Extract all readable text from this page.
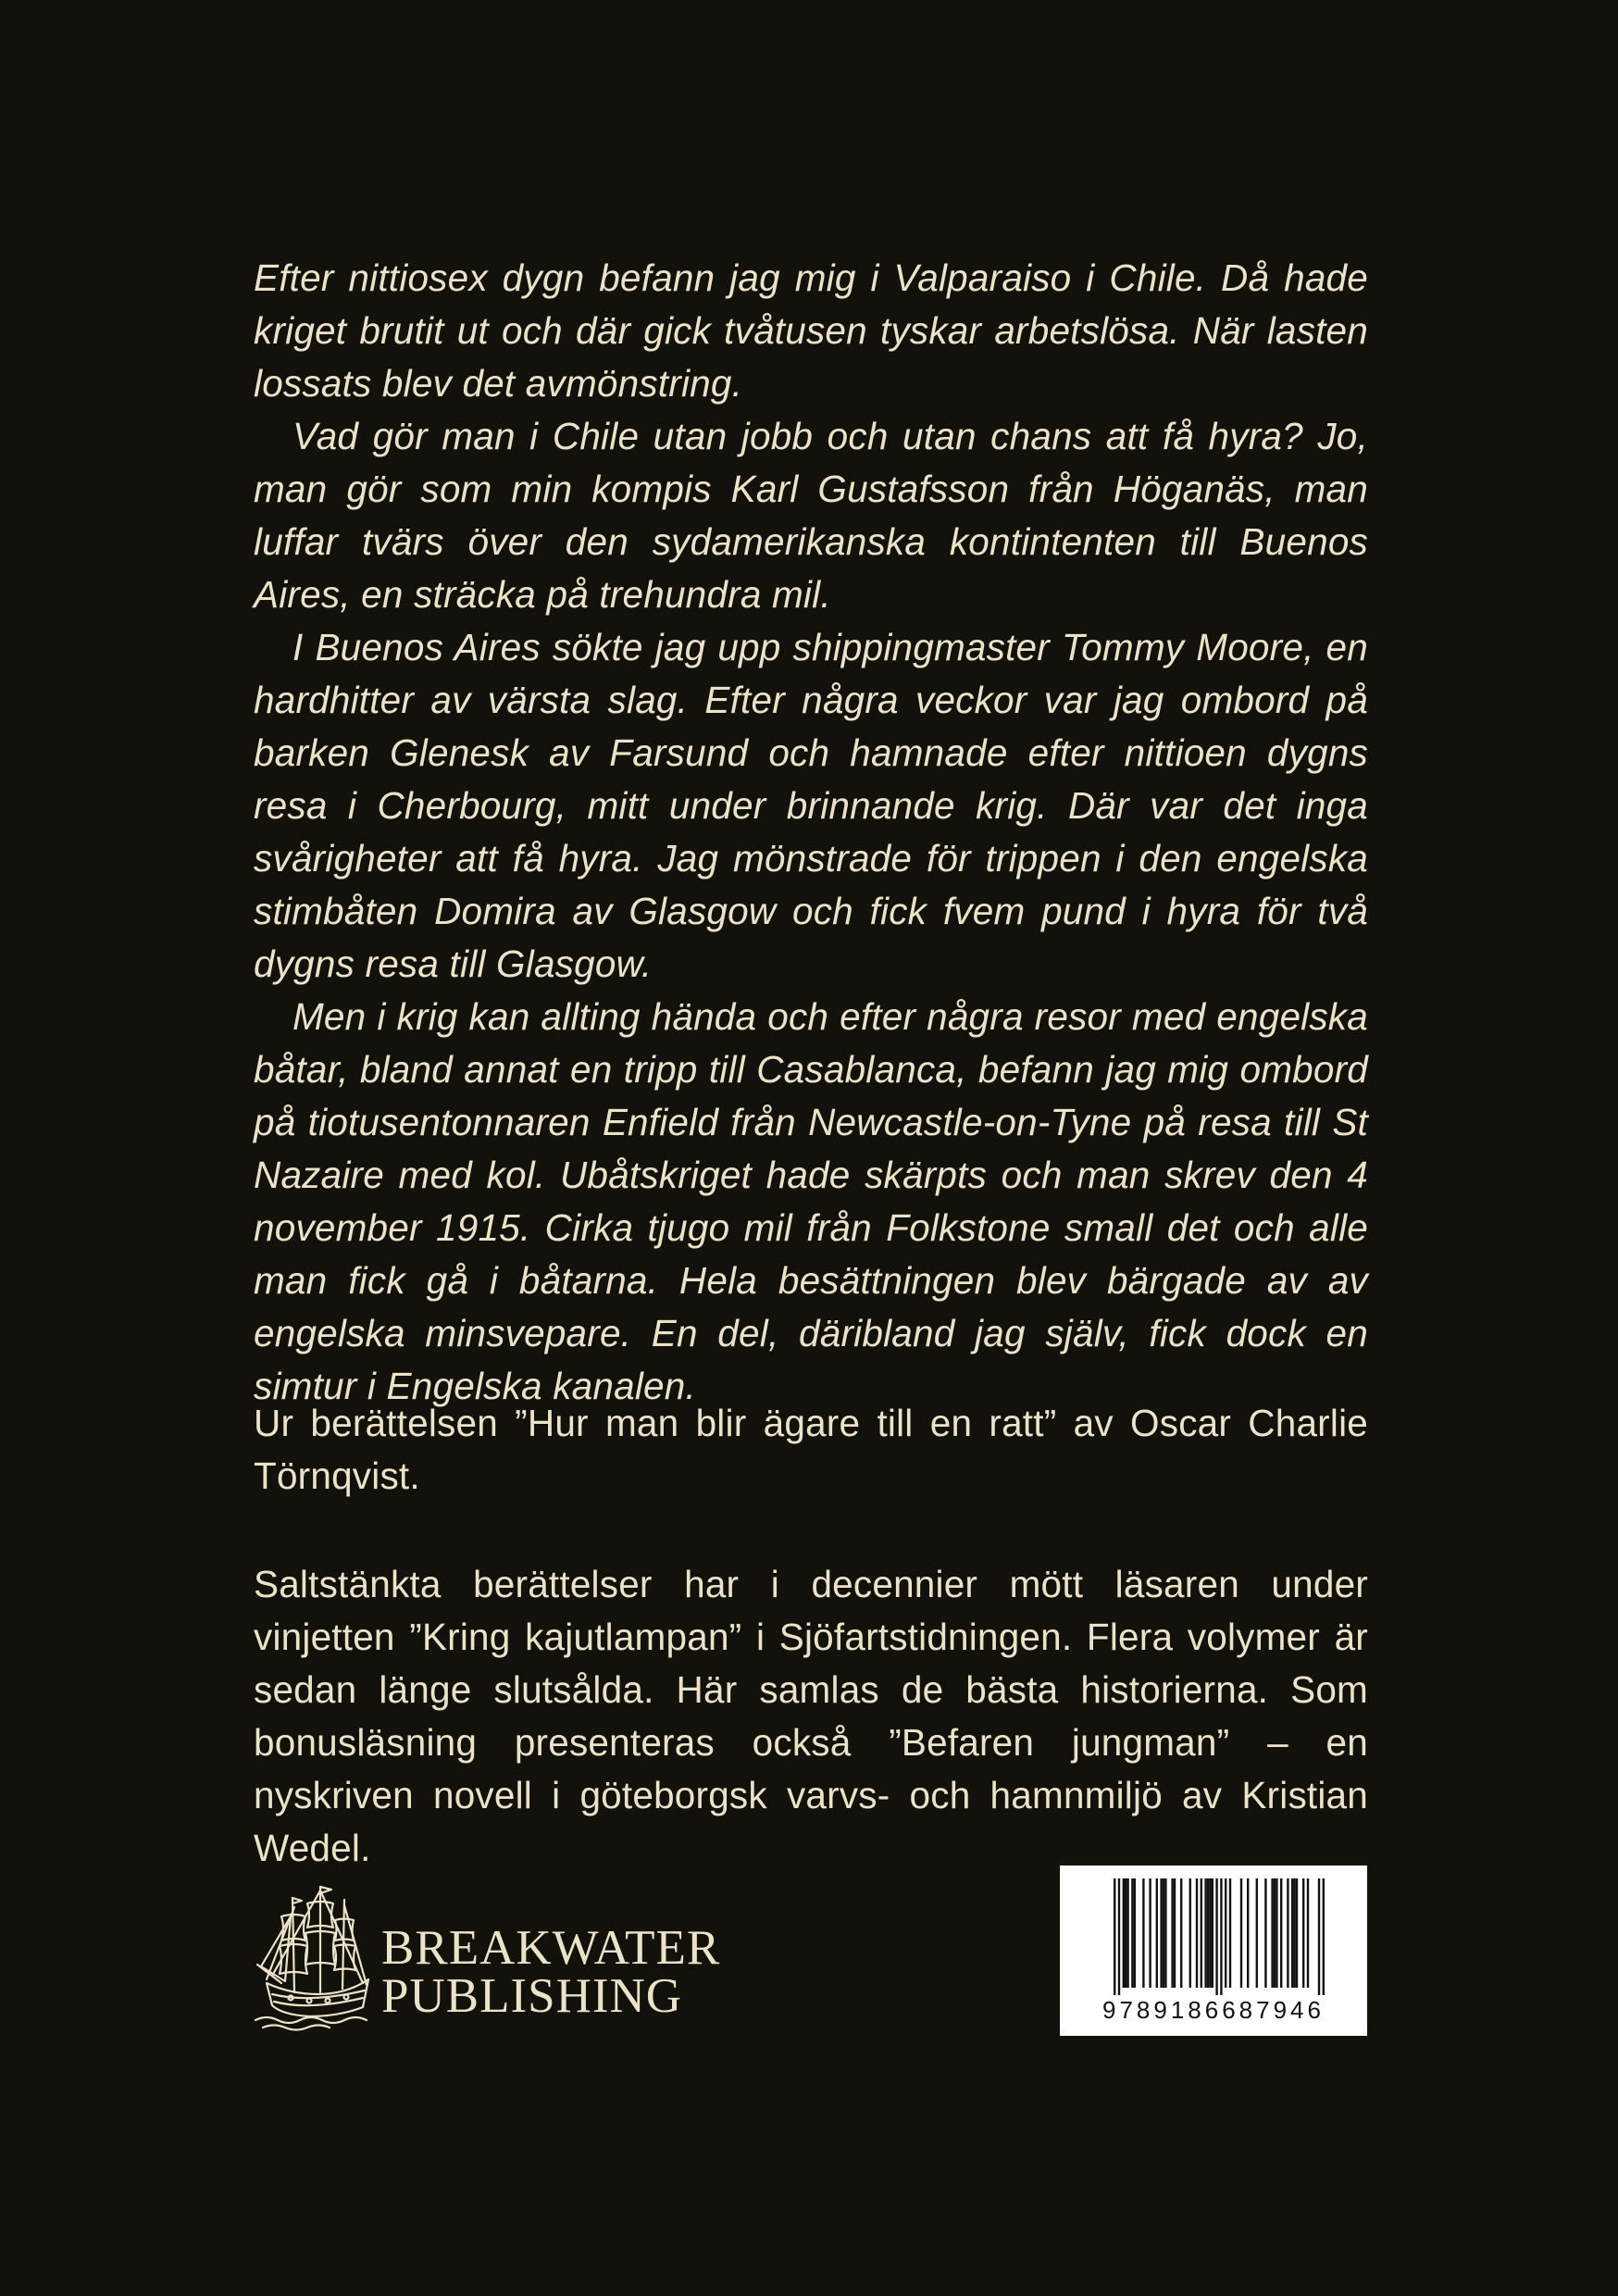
Efter nittiosex dygn befann jag mig i Valparaiso i Chile. Då hade kriget brutit ut och där gick tvåtusen tyskar arbetslösa. När lasten lossats blev det avmönstring.

Vad gör man i Chile utan jobb och utan chans att få hyra? Jo, man gör som min kompis Karl Gustafsson från Höganäs, man luffar tvärs över den sydamerikanska kontintenten till Buenos Aires, en sträcka på trehundra mil.

I Buenos Aires sökte jag upp shippingmaster Tommy Moore, en hardhitter av värsta slag. Efter några veckor var jag ombord på barken Glenesk av Farsund och hamnade efter nittioen dygns resa i Cherbourg, mitt under brinnande krig. Där var det inga svårigheter att få hyra. Jag mönstrade för trippen i den engelska stimbåten Domira av Glasgow och fick fvem pund i hyra för två dygns resa till Glasgow.

Men i krig kan allting hända och efter några resor med engelska båtar, bland annat en tripp till Casablanca, befann jag mig ombord på tiotusentonnaren Enfield från Newcastle-on-Tyne på resa till St Nazaire med kol. Ubåtskriget hade skärpts och man skrev den 4 november 1915. Cirka tjugo mil från Folkstone small det och alle man fick gå i båtarna. Hela besättningen blev bärgade av av engelska minsvepare. En del, däribland jag själv, fick dock en simtur i Engelska kanalen.

Ur berättelsen ”Hur man blir ägare till en ratt” av Oscar Charlie Törnqvist.
Saltstänkta berättelser har i decennier mött läsaren under vinjetten ”Kring kajutlampan” i Sjöfartstidningen. Flera volymer är sedan länge slutsålda. Här samlas de bästa historierna. Som bonusläsning presenteras också ”Befaren jungman” – en nyskriven novell i göteborgsk varvs- och hamnmiljö av Kristian Wedel.
BREAKWATER
PUBLISHING	9789186687946
